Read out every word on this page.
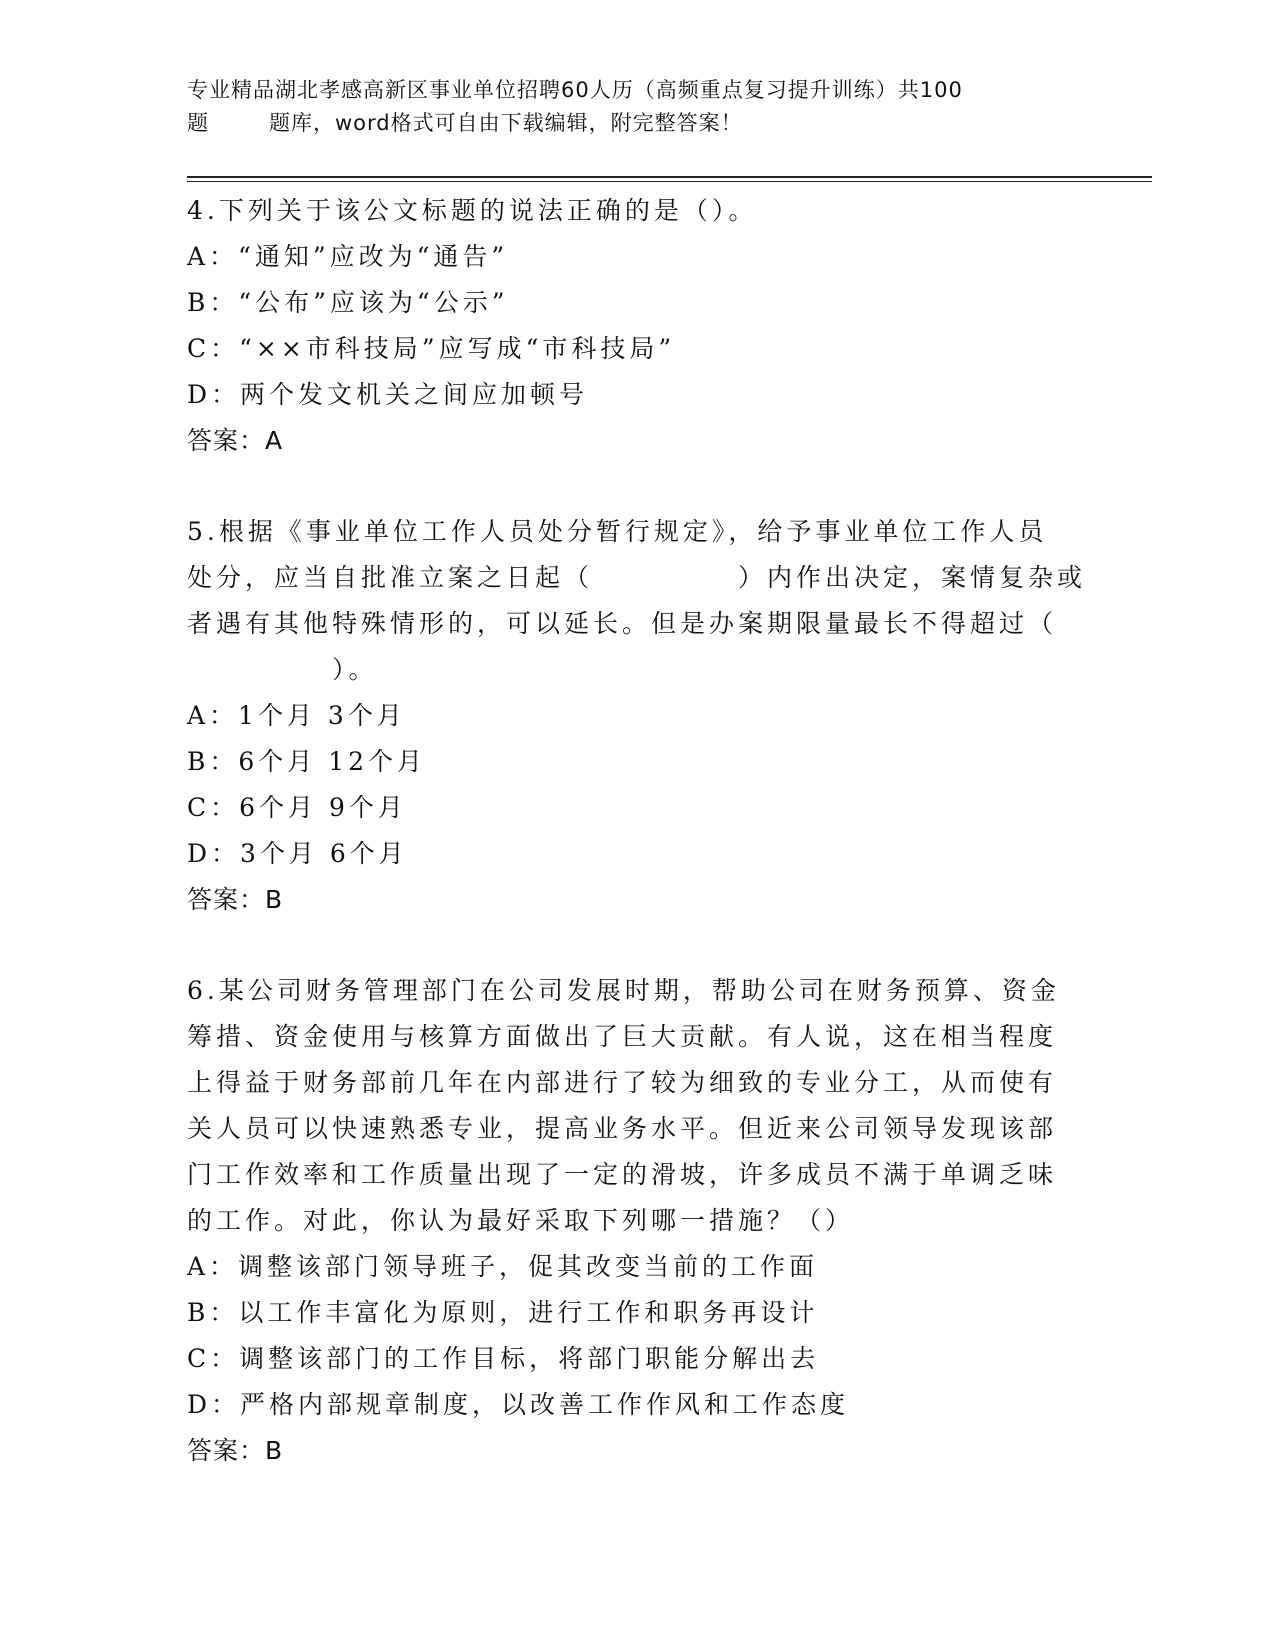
专业精品湖北孝感高新区事业单位招聘60人历（高频重点复习提升训练）共100
题	题库，word格式可自由下载编辑，附完整答案！
4.下列关于该公文标题的说法正确的是（）。
A：“通知”应改为“通告”
B：“公布”应该为“公示”
C：“××市科技局”应写成“市科技局”
D：两个发文机关之间应加顿号
答案：A
5.根据《事业单位工作人员处分暂行规定》，给予事业单位工作人员
处分，应当自批准立案之日起（　　　　　）内作出决定，案情复杂或
者遇有其他特殊情形的，可以延长。但是办案期限量最长不得超过（
　　　　　）。
A：1个月 3个月
B：6个月 12个月
C：6个月 9个月
D：3个月 6个月
答案：B
6.某公司财务管理部门在公司发展时期，帮助公司在财务预算、资金
筹措、资金使用与核算方面做出了巨大贡献。有人说，这在相当程度
上得益于财务部前几年在内部进行了较为细致的专业分工，从而使有
关人员可以快速熟悉专业，提高业务水平。但近来公司领导发现该部
门工作效率和工作质量出现了一定的滑坡，许多成员不满于单调乏味
的工作。对此，你认为最好采取下列哪一措施？（）
A：调整该部门领导班子，促其改变当前的工作面
B：以工作丰富化为原则，进行工作和职务再设计
C：调整该部门的工作目标，将部门职能分解出去
D：严格内部规章制度，以改善工作作风和工作态度
答案：B
